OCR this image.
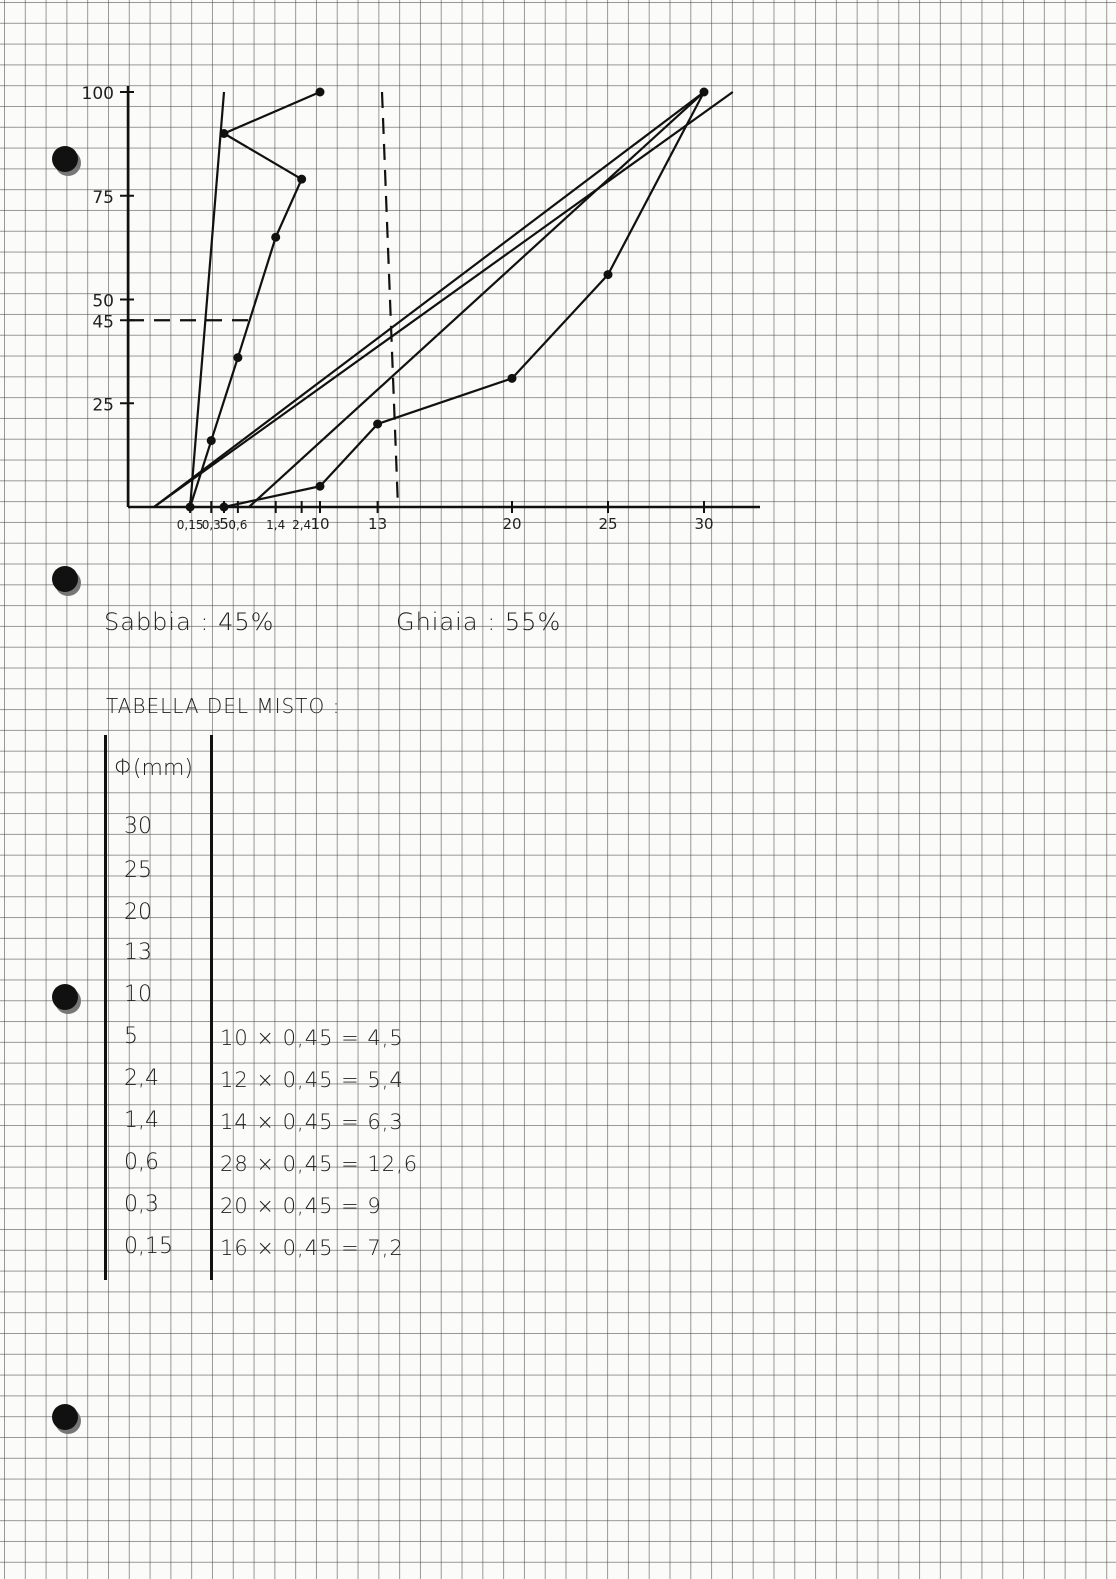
100
75
50
45
25
0,15
0,3 0,6 1,4 2,4
5	10	13	20	25	30
Sabbia : 45%	Ghiaia : 55%
TABELLA DEL MISTO :
Φ(mm)
30
25
20
13
10
5	10 × 0,45 = 4,5
2,4	12 × 0,45 = 5,4
1,4	14 × 0,45 = 6,3
0,6	28 × 0,45 = 12,6
0,3	20 × 0,45 = 9
0,15 16 × 0,45 = 7,2
